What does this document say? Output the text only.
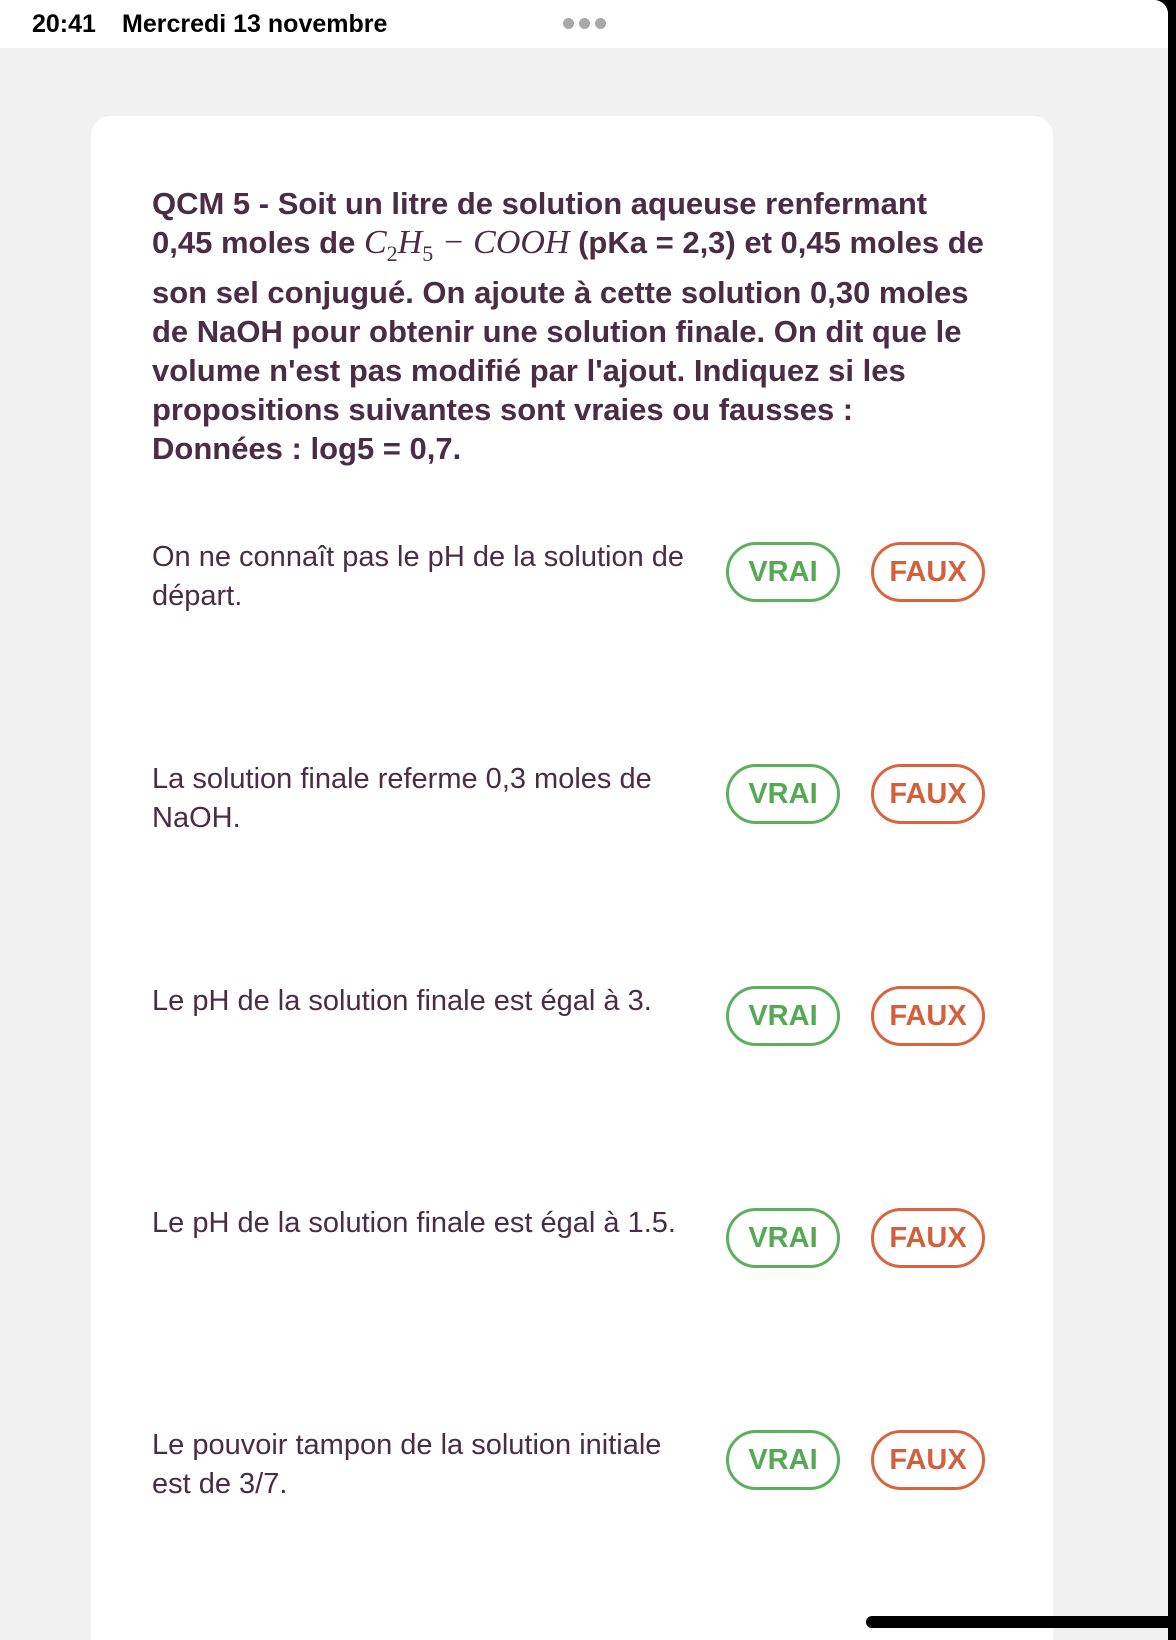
20:41 Mercredi 13 novembre

QCM 5 - Soit un litre de solution aqueuse renfermant 0,45 moles de $C_2H_5$ − COOH (pKa = 2,3) et 0,45 moles de son sel conjugué. On ajoute à cette solution 0,30 moles de NaOH pour obtenir une solution finale. On dit que le volume n'est pas modifié par l'ajout. Indiquez si les propositions suivantes sont vraies ou fausses : Données : log5 = 0,7.

On ne connaît pas le pH de la solution de départ.
VRAI	FAUX
La solution finale referme 0,3 moles de NaOH.
VRAI	FAUX
Le pH de la solution finale est égal à 3.	VRAI	FAUX
Le pH de la solution finale est égal à 1.5.	VRAI	FAUX
Le pouvoir tampon de la solution initiale est de 3/7.
VRAI	FAUX
